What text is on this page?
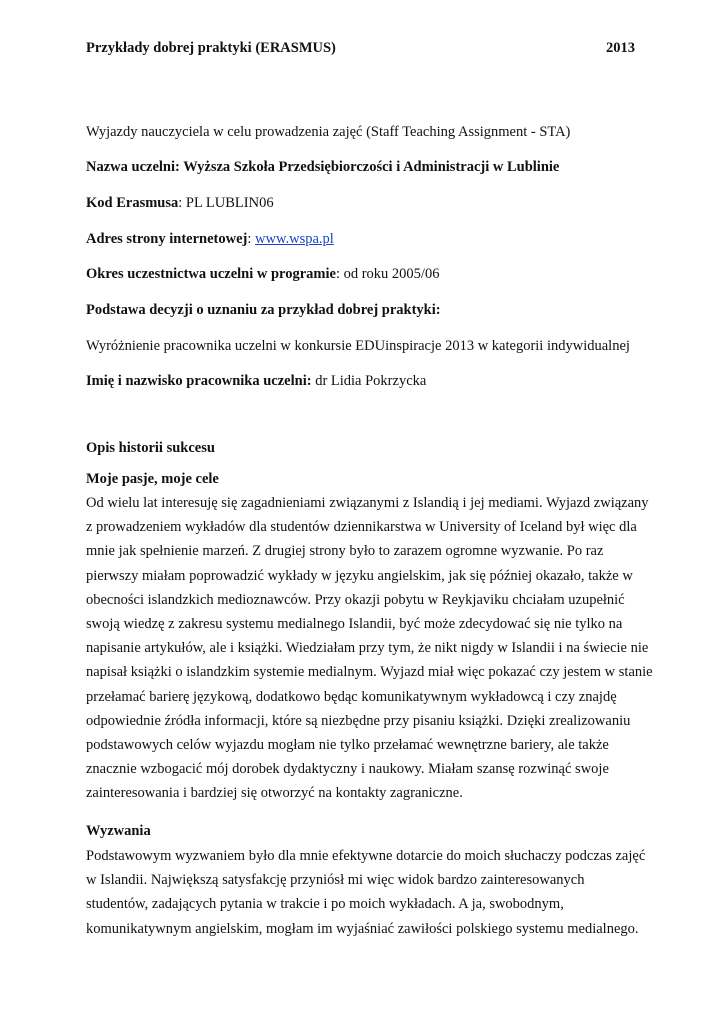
Przykłady dobrej praktyki (ERASMUS)	2013
Wyjazdy nauczyciela w celu prowadzenia zajęć (Staff Teaching Assignment - STA)
Nazwa uczelni: Wyższa Szkoła Przedsiębiorczości i Administracji w Lublinie
Kod Erasmusa: PL LUBLIN06
Adres strony internetowej: www.wspa.pl
Okres uczestnictwa uczelni w programie: od roku 2005/06
Podstawa decyzji o uznaniu za przykład dobrej praktyki:
Wyróżnienie pracownika uczelni w konkursie EDUinspiracje 2013 w kategorii indywidualnej
Imię i nazwisko pracownika uczelni: dr Lidia Pokrzycka
Opis historii sukcesu
Moje pasje, moje cele
Od wielu lat interesuję się zagadnieniami związanymi z Islandią i jej mediami. Wyjazd związany
z prowadzeniem wykładów dla studentów dziennikarstwa w University of Iceland był więc dla
mnie jak spełnienie marzeń. Z drugiej strony było to zarazem ogromne wyzwanie. Po raz
pierwszy miałam poprowadzić wykłady w języku angielskim, jak się później okazało, także w
obecności islandzkich medioznawców. Przy okazji pobytu w Reykjaviku chciałam uzupełnić
swoją wiedzę z zakresu systemu medialnego Islandii, być może zdecydować się nie tylko na
napisanie artykułów, ale i książki. Wiedziałam przy tym, że nikt nigdy w Islandii i na świecie nie
napisał książki o islandzkim systemie medialnym. Wyjazd miał więc pokazać czy jestem w stanie
przełamać barierę językową, dodatkowo będąc komunikatywnym wykładowcą i czy znajdę
odpowiednie źródła informacji, które są niezbędne przy pisaniu książki. Dzięki zrealizowaniu
podstawowych celów wyjazdu mogłam nie tylko przełamać wewnętrzne bariery, ale także
znacznie wzbogacić mój dorobek dydaktyczny i naukowy. Miałam szansę rozwinąć swoje
zainteresowania i bardziej się otworzyć na kontakty zagraniczne.
Wyzwania
Podstawowym wyzwaniem było dla mnie efektywne dotarcie do moich słuchaczy podczas zajęć
w Islandii. Największą satysfakcję przyniósł mi więc widok bardzo zainteresowanych
studentów, zadających pytania w trakcie i po moich wykładach. A ja, swobodnym,
komunikatywnym angielskim, mogłam im wyjaśniać zawiłości polskiego systemu medialnego.
